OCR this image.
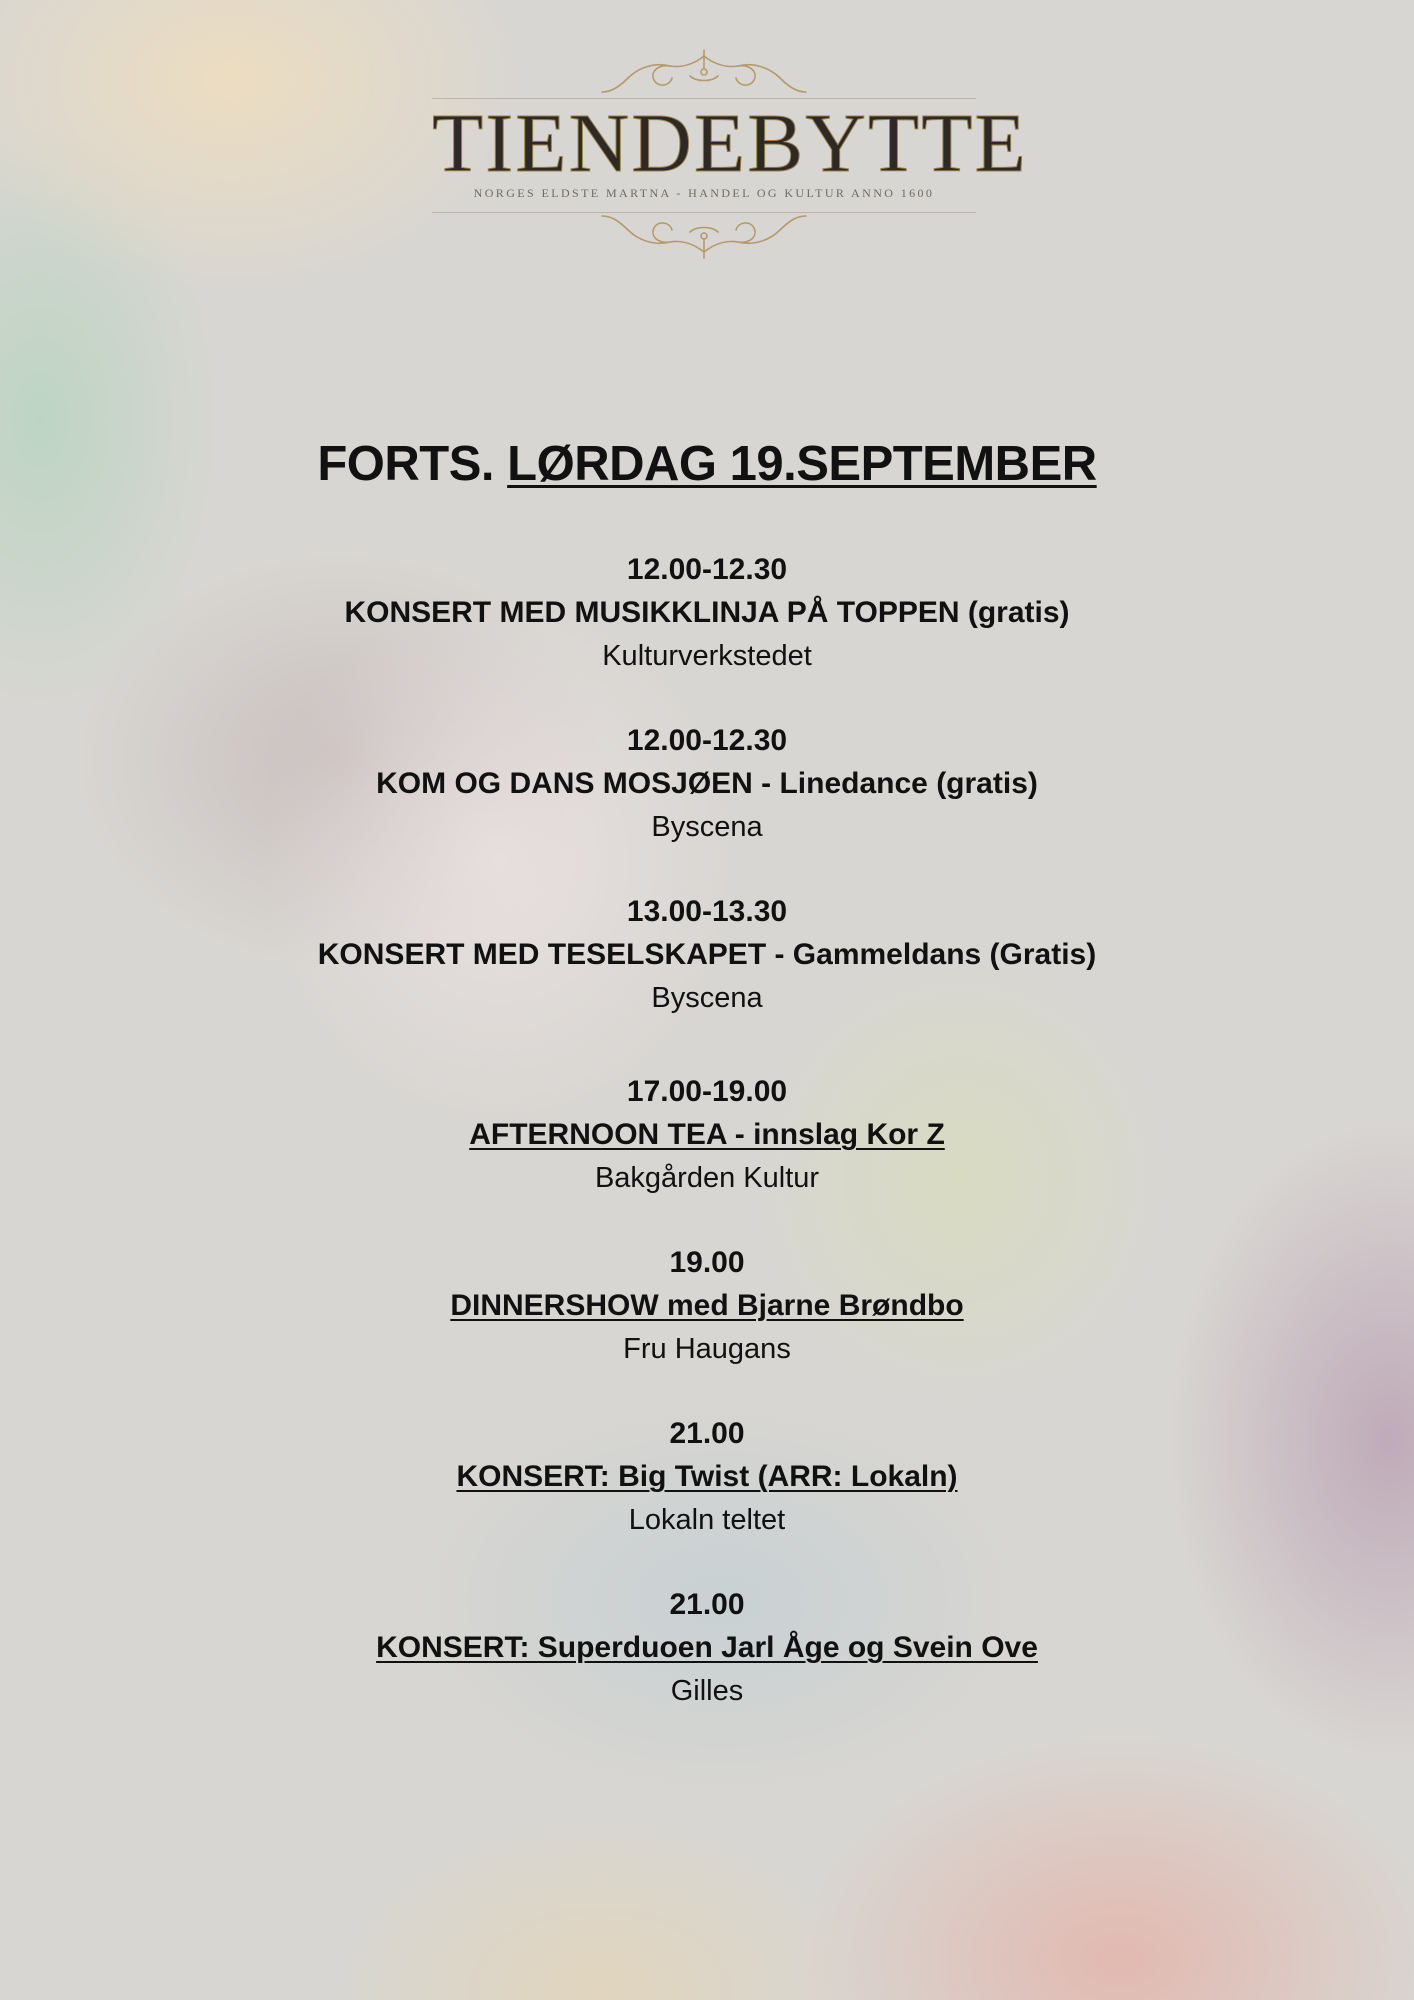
TIENDEBYTTE
NORGES ELDSTE MARTNA - HANDEL OG KULTUR ANNO 1600
FORTS. LØRDAG 19.SEPTEMBER
12.00-12.30
KONSERT MED MUSIKKLINJA PÅ TOPPEN (gratis)
Kulturverkstedet
12.00-12.30
KOM OG DANS MOSJØEN - Linedance (gratis)
Byscena
13.00-13.30
KONSERT MED TESELSKAPET - Gammeldans (Gratis)
Byscena
17.00-19.00
AFTERNOON TEA - innslag Kor Z
Bakgården Kultur
19.00
DINNERSHOW med Bjarne Brøndbo
Fru Haugans
21.00
KONSERT: Big Twist (ARR: Lokaln)
Lokaln teltet
21.00
KONSERT: Superduoen Jarl Åge og Svein Ove
Gilles
